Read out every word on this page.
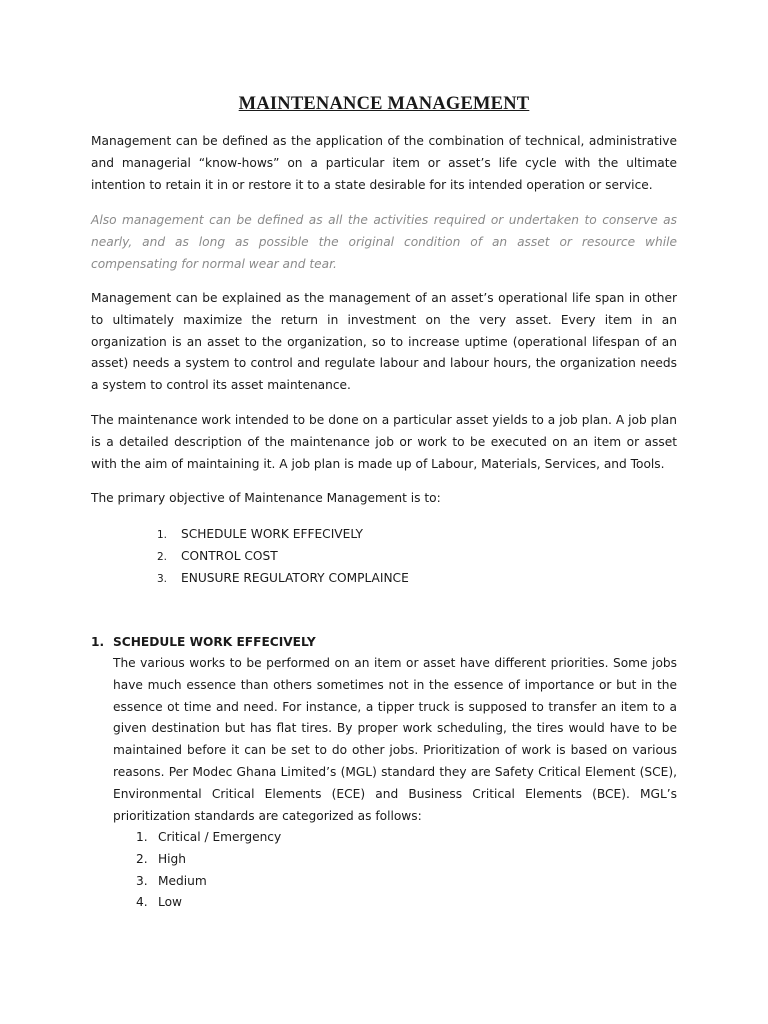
MAINTENANCE MANAGEMENT

Management can be defined as the application of the combination of technical, administrative and managerial “know-hows” on a particular item or asset’s life cycle with the ultimate intention to retain it in or restore it to a state desirable for its intended operation or service.

Also management can be defined as all the activities required or undertaken to conserve as nearly, and as long as possible the original condition of an asset or resource while compensating for normal wear and tear.

Management can be explained as the management of an asset’s operational life span in other to ultimately maximize the return in investment on the very asset. Every item in an organization is an asset to the organization, so to increase uptime (operational lifespan of an asset) needs a system to control and regulate labour and labour hours, the organization needs a system to control its asset maintenance.

The maintenance work intended to be done on a particular asset yields to a job plan. A job plan is a detailed description of the maintenance job or work to be executed on an item or asset with the aim of maintaining it. A job plan is made up of Labour, Materials, Services, and Tools.

The primary objective of Maintenance Management is to:

1. SCHEDULE WORK EFFECIVELY
2. CONTROL COST
3. ENUSURE REGULATORY COMPLAINCE
1. SCHEDULE WORK EFFECIVELY

The various works to be performed on an item or asset have different priorities. Some jobs have much essence than others sometimes not in the essence of importance or but in the essence ot time and need. For instance, a tipper truck is supposed to transfer an item to a given destination but has flat tires. By proper work scheduling, the tires would have to be maintained before it can be set to do other jobs. Prioritization of work is based on various reasons. Per Modec Ghana Limited’s (MGL) standard they are Safety Critical Element (SCE), Environmental Critical Elements (ECE) and Business Critical Elements (BCE). MGL’s prioritization standards are categorized as follows:

1. Critical / Emergency
2. High
3. Medium
4. Low
